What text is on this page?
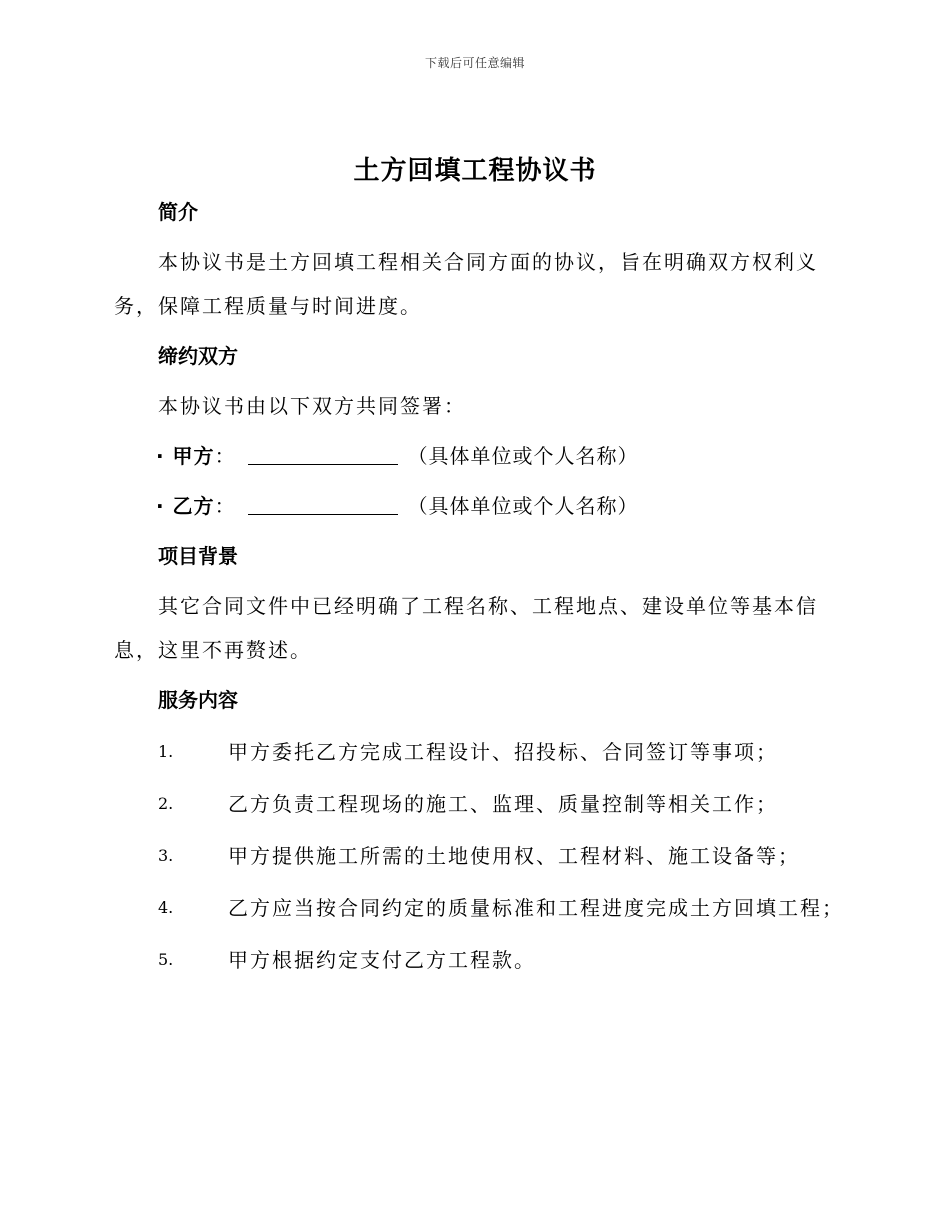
下载后可任意编辑
土方回填工程协议书
简介

本协议书是土方回填工程相关合同方面的协议，旨在明确双方权利义务，保障工程质量与时间进度。

缔约双方

本协议书由以下双方共同签署：

· 甲方：	（具体单位或个人名称）
· 乙方：	（具体单位或个人名称）
项目背景

其它合同文件中已经明确了工程名称、工程地点、建设单位等基本信息，这里不再赘述。

服务内容
1.	甲方委托乙方完成工程设计、招投标、合同签订等事项；
2.	乙方负责工程现场的施工、监理、质量控制等相关工作；
3.	甲方提供施工所需的土地使用权、工程材料、施工设备等；
4.	乙方应当按合同约定的质量标准和工程进度完成土方回填工程；
5.	甲方根据约定支付乙方工程款。
